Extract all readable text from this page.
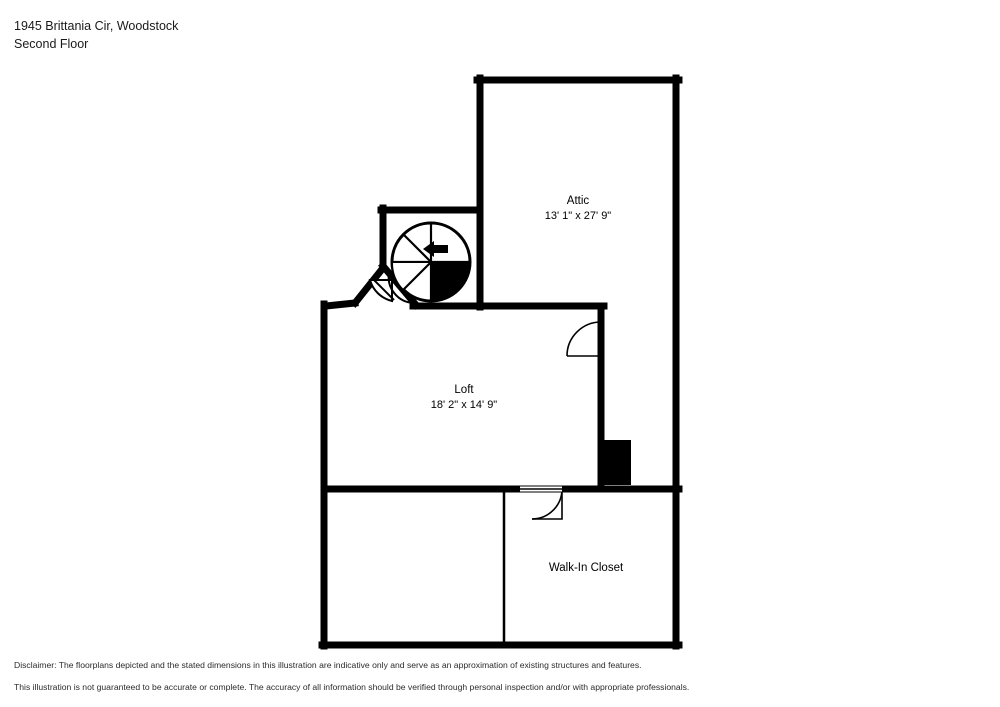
1945 Brittania Cir, Woodstock
Second Floor
Attic
13' 1" x 27' 9"
Loft
18' 2" x 14' 9"
Walk-In Closet

Disclaimer: The floorplans depicted and the stated dimensions in this illustration are indicative only and serve as an approximation of existing structures and features.

This illustration is not guaranteed to be accurate or complete. The accuracy of all information should be verified through personal inspection and/or with appropriate professionals.
